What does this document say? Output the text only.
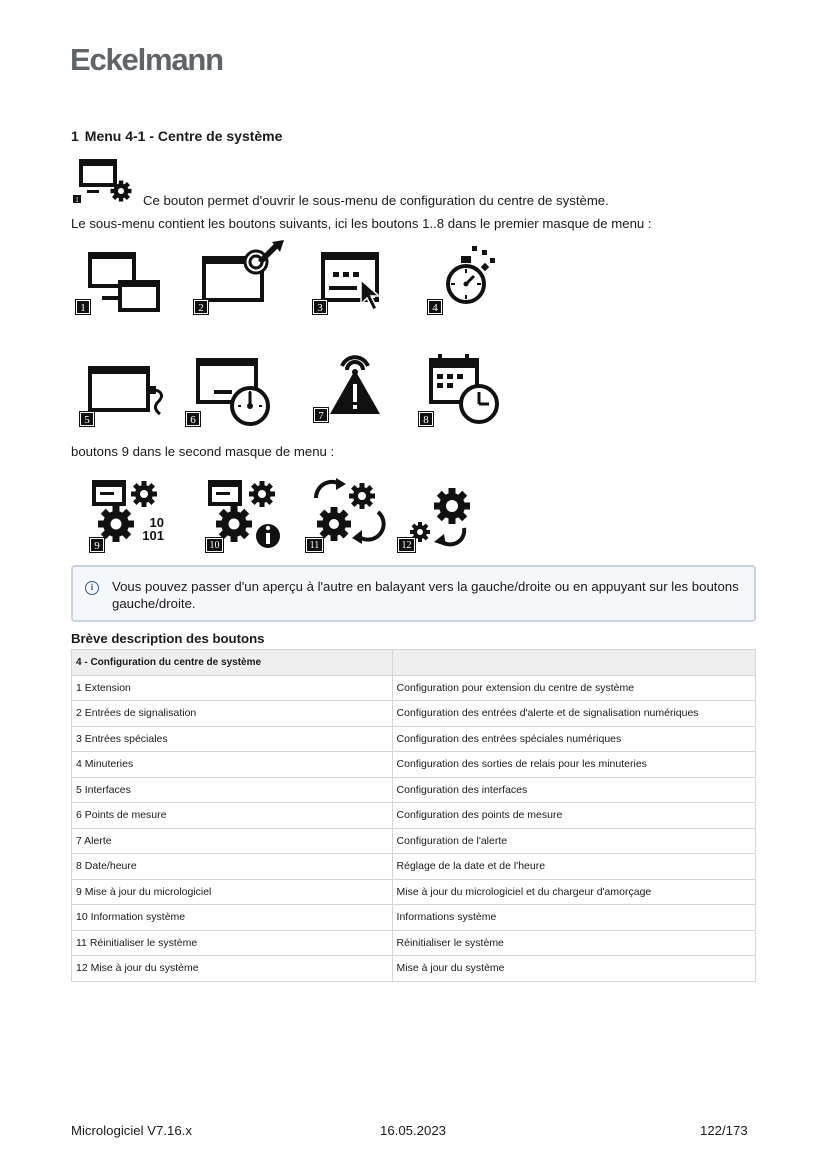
Eckelmann
1 Menu 4-1 - Centre de système
1	Ce bouton permet d'ouvrir le sous-menu de configuration du centre de système.
Le sous-menu contient les boutons suivants, ici les boutons 1..8 dans le premier masque de menu :
1	2	3	4
5	6	7	8
boutons 9 dans le second masque de menu :
9
10
101
10	11	12
i	Vous pouvez passer d'un aperçu à l'autre en balayant vers la gauche/droite ou en appuyant sur les boutons gauche/droite.
Brève description des boutons
4 - Configuration du centre de système	
1 Extension	Configuration pour extension du centre de système
2 Entrées de signalisation	Configuration des entrées d'alerte et de signalisation numériques
3 Entrées spéciales	Configuration des entrées spéciales numériques
4 Minuteries	Configuration des sorties de relais pour les minuteries
5 Interfaces	Configuration des interfaces
6 Points de mesure	Configuration des points de mesure
7 Alerte	Configuration de l'alerte
8 Date/heure	Réglage de la date et de l'heure
9 Mise à jour du micrologiciel	Mise à jour du micrologiciel et du chargeur d'amorçage
10 Information système	Informations système
11 Réinitialiser le système	Réinitialiser le système
12 Mise à jour du système	Mise à jour du système
Micrologiciel V7.16.x	16.05.2023	122/173
